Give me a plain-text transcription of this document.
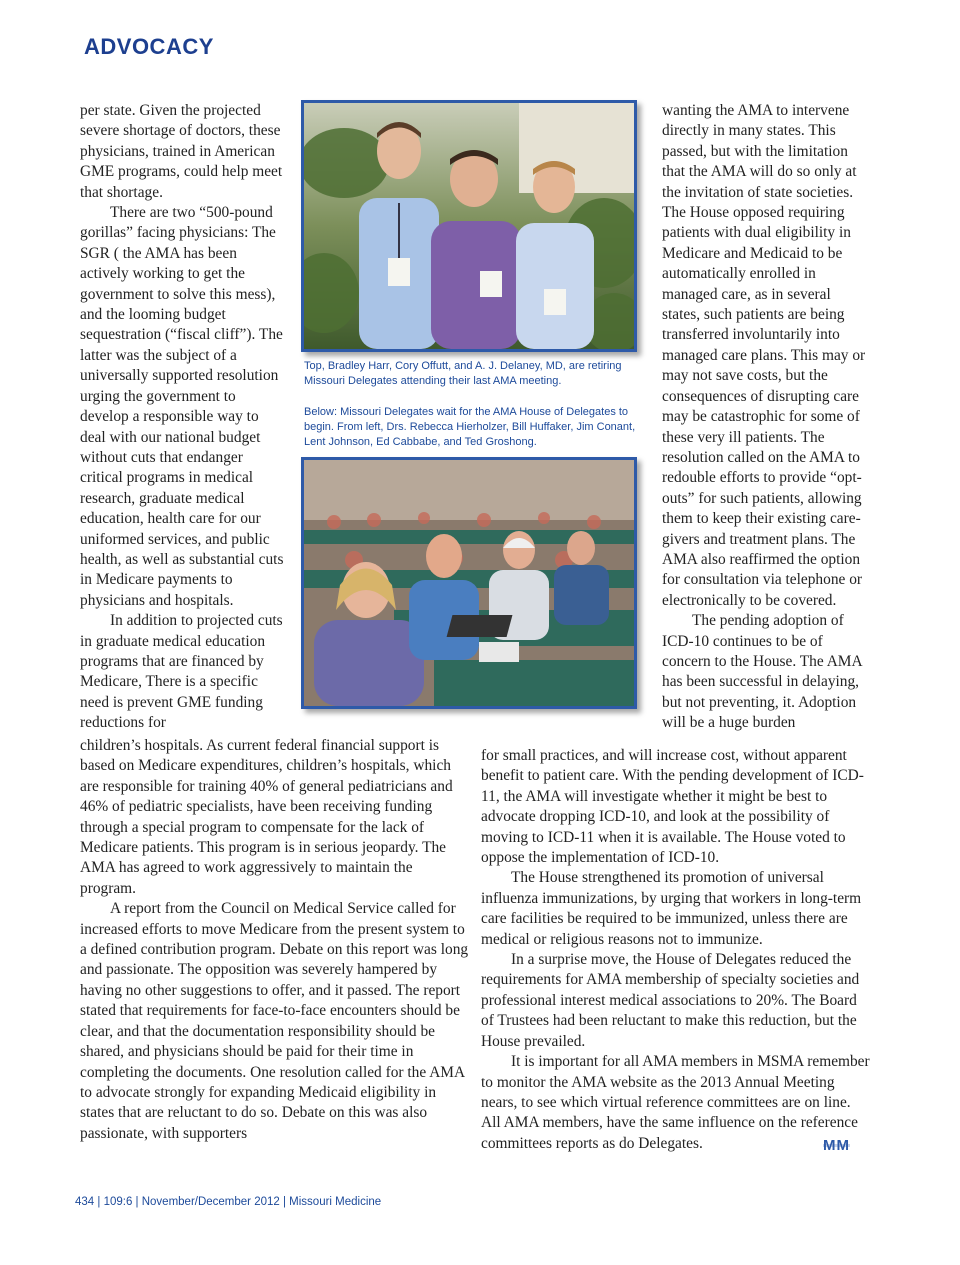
ADVOCACY

per state. Given the projected severe shortage of doctors, these physicians, trained in American GME programs, could help meet that shortage.

There are two “500-pound gorillas” facing physicians: The SGR ( the AMA has been actively working to get the government to solve this mess), and the looming budget sequestration (“fiscal cliff”). The latter was the subject of a universally supported resolution urging the government to develop a responsible way to deal with our national budget without cuts that endanger critical programs in medical research, graduate medical education, health care for our uniformed services, and public health, as well as substantial cuts in Medicare payments to physicians and hospitals.

In addition to projected cuts in graduate medical education programs that are financed by Medicare, There is a specific need is prevent GME funding reductions for

Top, Bradley Harr, Cory Offutt, and A. J. Delaney, MD, are retiring Missouri Delegates attending their last AMA meeting.
Below: Missouri Delegates wait for the AMA House of Delegates to begin. From left, Drs. Rebecca Hierholzer, Bill Huffaker, Jim Conant, Lent Johnson, Ed Cabbabe, and Ted Groshong.

wanting the AMA to intervene directly in many states. This passed, but with the limitation that the AMA will do so only at the invitation of state societies. The House opposed requiring patients with dual eligibility in Medicare and Medicaid to be automatically enrolled in managed care, as in several states, such patients are being transferred involuntarily into managed care plans. This may or may not save costs, but the consequences of disrupting care may be catastrophic for some of these very ill patients. The resolution called on the AMA to redouble efforts to provide “opt-outs” for such patients, allowing them to keep their existing care-givers and treatment plans. The AMA also reaffirmed the option for consultation via telephone or electronically to be covered.

The pending adoption of ICD-10 continues to be of concern to the House. The AMA has been successful in delaying, but not preventing, it. Adoption will be a huge burden

children’s hospitals. As current federal financial support is based on Medicare expenditures, children’s hospitals, which are responsible for training 40% of general pediatricians and 46% of pediatric specialists, have been receiving funding through a special program to compensate for the lack of Medicare patients. This program is in serious jeopardy. The AMA has agreed to work aggressively to maintain the program.

A report from the Council on Medical Service called for increased efforts to move Medicare from the present system to a defined contribution program. Debate on this report was long and passionate. The opposition was severely hampered by having no other suggestions to offer, and it passed. The report stated that requirements for face-to-face encounters should be clear, and that the documentation responsibility should be shared, and physicians should be paid for their time in completing the documents. One resolution called for the AMA to advocate strongly for expanding Medicaid eligibility in states that are reluctant to do so. Debate on this was also passionate, with supporters

for small practices, and will increase cost, without apparent benefit to patient care. With the pending development of ICD-11, the AMA will investigate whether it might be best to advocate dropping ICD-10, and look at the possibility of moving to ICD-11 when it is available. The House voted to oppose the implementation of ICD-10.

The House strengthened its promotion of universal influenza immunizations, by urging that workers in long-term care facilities be required to be immunized, unless there are medical or religious reasons not to immunize.

In a surprise move, the House of Delegates reduced the requirements for AMA membership of specialty societies and professional interest medical associations to 20%. The Board of Trustees had been reluctant to make this reduction, but the House prevailed.

It is important for all AMA members in MSMA remember to monitor the AMA website as the 2013 Annual Meeting nears, to see which virtual reference committees are on line. All AMA members, have the same influence on the reference committees reports as do Delegates.	MM
434 | 109:6 | November/December 2012 | Missouri Medicine
